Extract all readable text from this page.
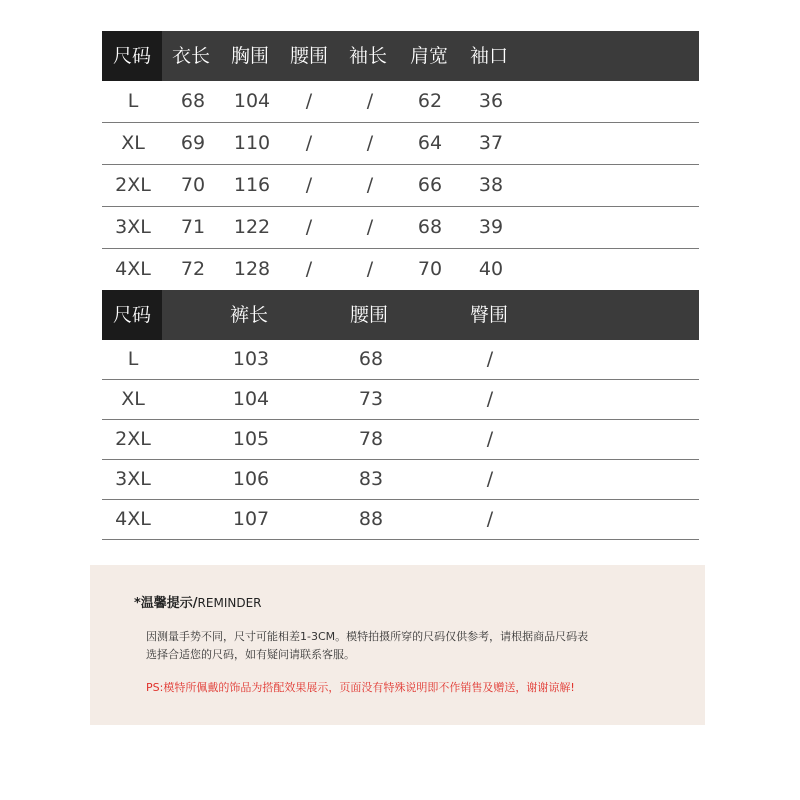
尺码 衣长 胸围 腰围 袖长 肩宽 袖口
L 68 104 /	/ 62 36
XL 69 110 /	/ 64 37
2XL 70 116 /	/ 66 38
3XL 71 122 /	/ 68 39
4XL 72 128 /	/ 70 40
尺码	裤长	腰围	臀围
L	103	68	/
XL	104	73	/
2XL	105	78	/
3XL	106	83	/
4XL	107	88	/
*温馨提示/REMINDER
因测量手势不同，尺寸可能相差1-3CM。模特拍摄所穿的尺码仅供参考，请根据商品尺码表
选择合适您的尺码，如有疑问请联系客服。
PS:模特所佩戴的饰品为搭配效果展示，页面没有特殊说明即不作销售及赠送，谢谢谅解!
